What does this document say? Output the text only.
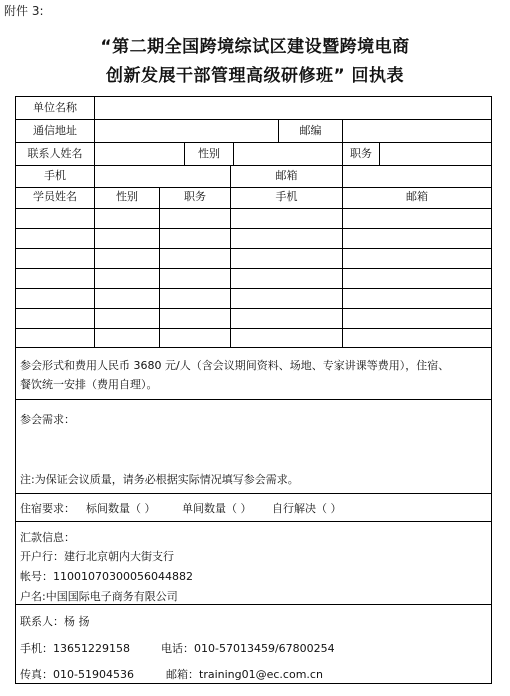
附件 3:
“第二期全国跨境综试区建设暨跨境电商
创新发展干部管理高级研修班” 回执表
单位名称
通信地址	邮编
联系人姓名	性别	职务
手机	邮箱
学员姓名	性别	职务	手机	邮箱
参会形式和费用人民币 3680 元/人（含会议期间资料、场地、专家讲课等费用），住宿、
餐饮统一安排（费用自理）。
参会需求：
注:为保证会议质量，请务必根据实际情况填写参会需求。
住宿要求： 标间数量（ ） 单间数量（ ） 自行解决（ ）
汇款信息：
开户行：建行北京朝内大街支行
帐号：11001070300056044882
户名:中国国际电子商务有限公司
联系人：杨 扬
手机：13651229158	电话：010-57013459/67800254
传真：010-51904536	邮箱：training01@ec.com.cn
